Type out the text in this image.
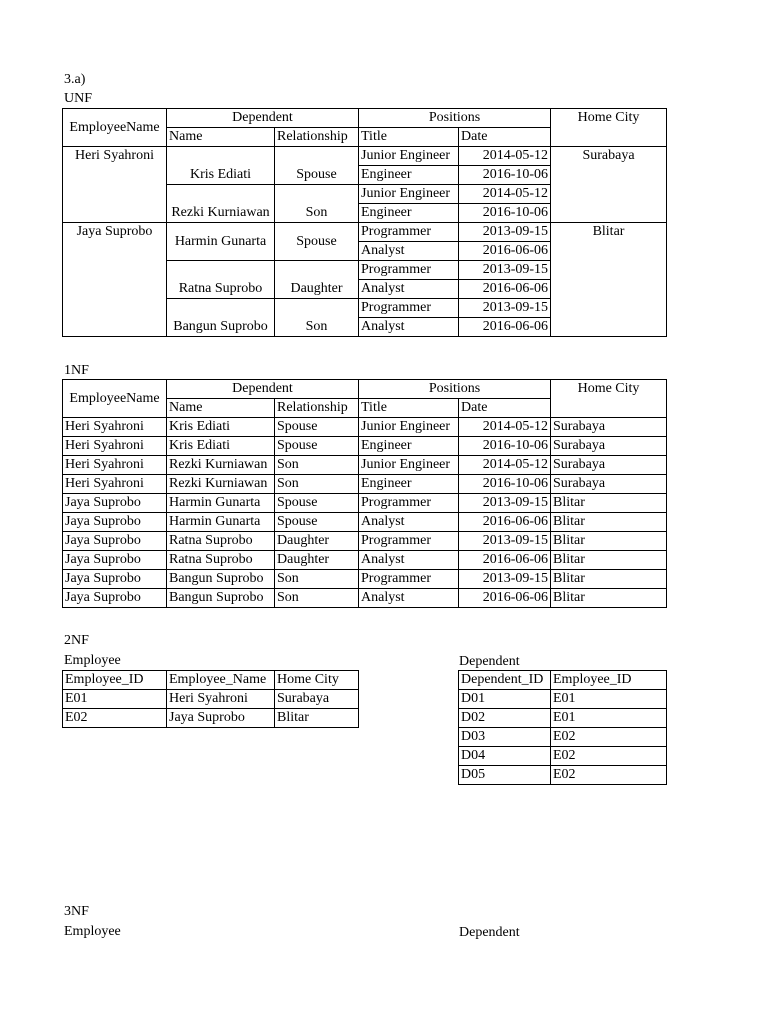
3.a)
UNF
EmployeeName	Dependent		Positions		Home City
	Name	Relationship	Title	Date	
Heri Syahroni	Kris Ediati	Spouse	Junior Engineer	2014-05-12	Surabaya
			Engineer	2016-10-06	
	Rezki Kurniawan	Son	Junior Engineer	2014-05-12	
			Engineer	2016-10-06	
Jaya Suprobo	Harmin Gunarta	Spouse	Programmer	2013-09-15	Blitar
			Analyst	2016-06-06	
	Ratna Suprobo	Daughter	Programmer	2013-09-15	
			Analyst	2016-06-06	
	Bangun Suprobo	Son	Programmer	2013-09-15	
			Analyst	2016-06-06	
1NF
EmployeeName	Dependent		Positions		Home City
	Name	Relationship	Title	Date	
Heri Syahroni	Kris Ediati	Spouse	Junior Engineer	2014-05-12	Surabaya
Heri Syahroni	Kris Ediati	Spouse	Engineer	2016-10-06	Surabaya
Heri Syahroni	Rezki Kurniawan	Son	Junior Engineer	2014-05-12	Surabaya
Heri Syahroni	Rezki Kurniawan	Son	Engineer	2016-10-06	Surabaya
Jaya Suprobo	Harmin Gunarta	Spouse	Programmer	2013-09-15	Blitar
Jaya Suprobo	Harmin Gunarta	Spouse	Analyst	2016-06-06	Blitar
Jaya Suprobo	Ratna Suprobo	Daughter	Programmer	2013-09-15	Blitar
Jaya Suprobo	Ratna Suprobo	Daughter	Analyst	2016-06-06	Blitar
Jaya Suprobo	Bangun Suprobo	Son	Programmer	2013-09-15	Blitar
Jaya Suprobo	Bangun Suprobo	Son	Analyst	2016-06-06	Blitar
2NF
Employee	Dependent
Employee_ID	Employee_Name	Home City
E01	Heri Syahroni	Surabaya
E02	Jaya Suprobo	Blitar
Dependent_ID	Employee_ID
D01	E01
D02	E01
D03	E02
D04	E02
D05	E02
3NF
Employee	Dependent
